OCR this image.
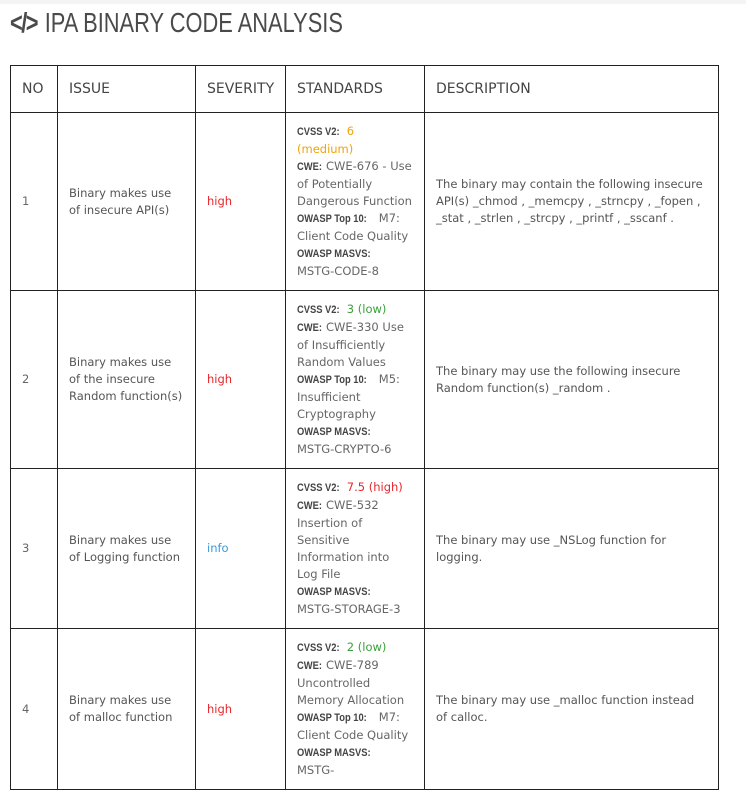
</> IPA BINARY CODE ANALYSIS
NO	ISSUE	SEVERITY	STANDARDS	DESCRIPTION
1	Binary makes use of insecure API(s)	high	CVSS V2: 6 (medium)
CWE: CWE-676 - Use of Potentially Dangerous Function
OWASP Top 10: M7: Client Code Quality
OWASP MASVS: MSTG-CODE-8	The binary may contain the following insecure API(s) _chmod , _memcpy , _strncpy , _fopen , _stat , _strlen , _strcpy , _printf , _sscanf .
2	Binary makes use of the insecure Random function(s)	high	CVSS V2: 3 (low)
CWE: CWE-330 Use of Insufficiently Random Values
OWASP Top 10: M5: Insufficient Cryptography
OWASP MASVS: MSTG-CRYPTO-6	The binary may use the following insecure Random function(s) _random .
3	Binary makes use of Logging function	info	CVSS V2: 7.5 (high)
CWE: CWE-532 Insertion of Sensitive Information into Log File
OWASP MASVS: MSTG-STORAGE-3	The binary may use _NSLog function for logging.
4	Binary makes use of malloc function	high	CVSS V2: 2 (low)
CWE: CWE-789 Uncontrolled Memory Allocation
OWASP Top 10: M7: Client Code Quality
OWASP MASVS: MSTG-	The binary may use _malloc function instead of calloc.
